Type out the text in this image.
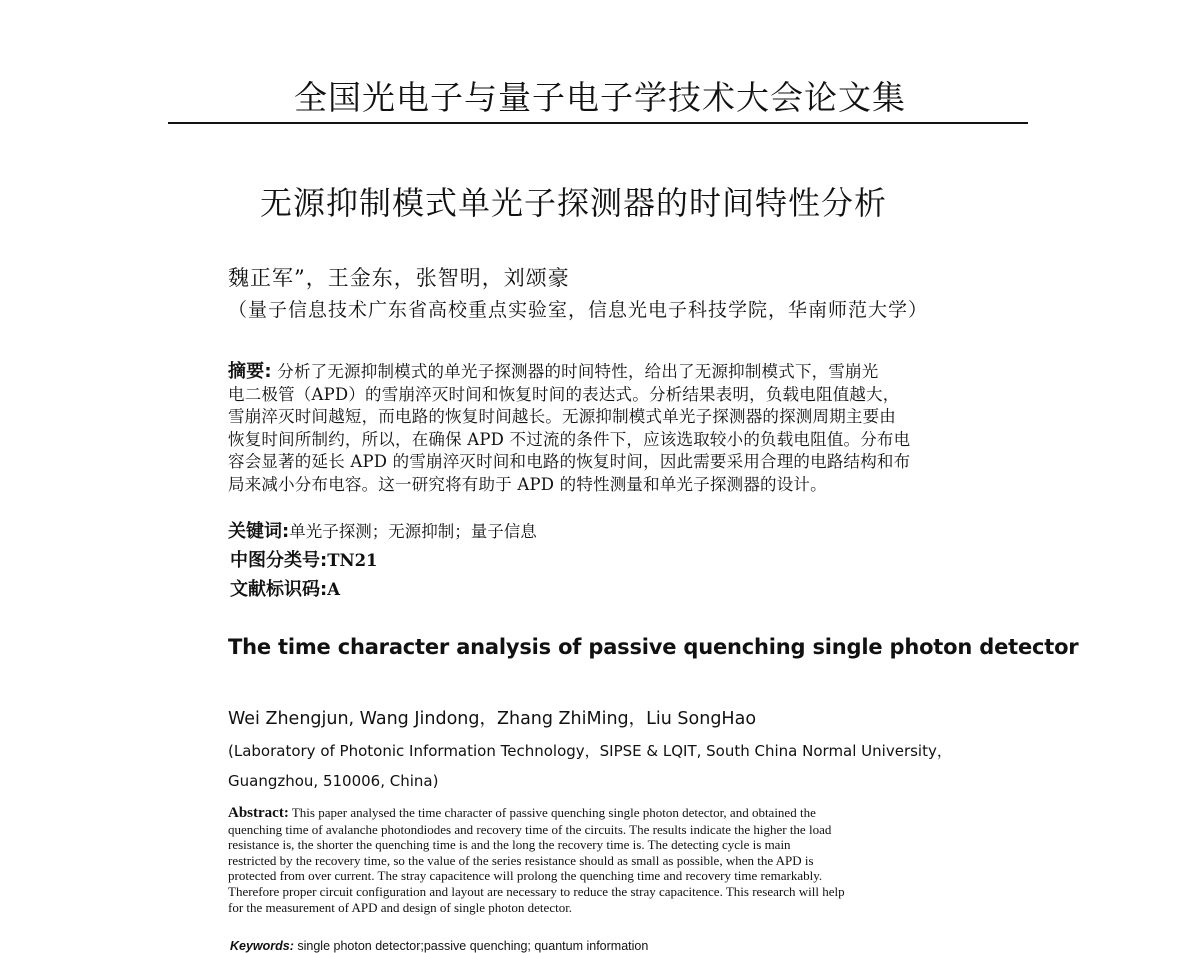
全国光电子与量子电子学技术大会论文集
无源抑制模式单光子探测器的时间特性分析
魏正军”，王金东，张智明，刘颂豪
（量子信息技术广东省高校重点实验室，信息光电子科技学院，华南师范大学）
摘要: 分析了无源抑制模式的单光子探测器的时间特性，给出了无源抑制模式下，雪崩光
电二极管（APD）的雪崩淬灭时间和恢复时间的表达式。分析结果表明，负载电阻值越大，
雪崩淬灭时间越短，而电路的恢复时间越长。无源抑制模式单光子探测器的探测周期主要由
恢复时间所制约，所以，在确保 APD 不过流的条件下，应该选取较小的负载电阻值。分布电
容会显著的延长 APD 的雪崩淬灭时间和电路的恢复时间，因此需要采用合理的电路结构和布
局来减小分布电容。这一研究将有助于 APD 的特性测量和单光子探测器的设计。
关键词:单光子探测；无源抑制；量子信息
中图分类号:TN21
文献标识码:A
The time character analysis of passive quenching single photon detector
Wei Zhengjun, Wang Jindong，Zhang ZhiMing，Liu SongHao
(Laboratory of Photonic Information Technology，SIPSE & LQIT, South China Normal University，
Guangzhou, 510006, China)
Abstract: This paper analysed the time character of passive quenching single photon detector, and obtained the
quenching time of avalanche photondiodes and recovery time of the circuits. The results indicate the higher the load
resistance is, the shorter the quenching time is and the long the recovery time is. The detecting cycle is main
restricted by the recovery time, so the value of the series resistance should as small as possible, when the APD is
protected from over current. The stray capacitence will prolong the quenching time and recovery time remarkably.
Therefore proper circuit configuration and layout are necessary to reduce the stray capacitence. This research will help
for the measurement of APD and design of single photon detector.
Keywords: single photon detector;passive quenching; quantum information
